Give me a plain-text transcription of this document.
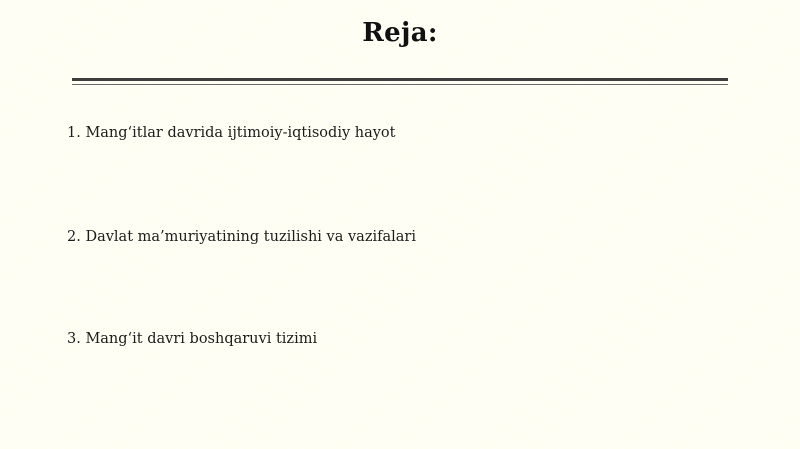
Reja:
1. Mang‘itlar davrida ijtimoiy-iqtisodiy hayot
2. Davlat ma’muriyatining tuzilishi va vazifalari
3. Mang‘it davri boshqaruvi tizimi
